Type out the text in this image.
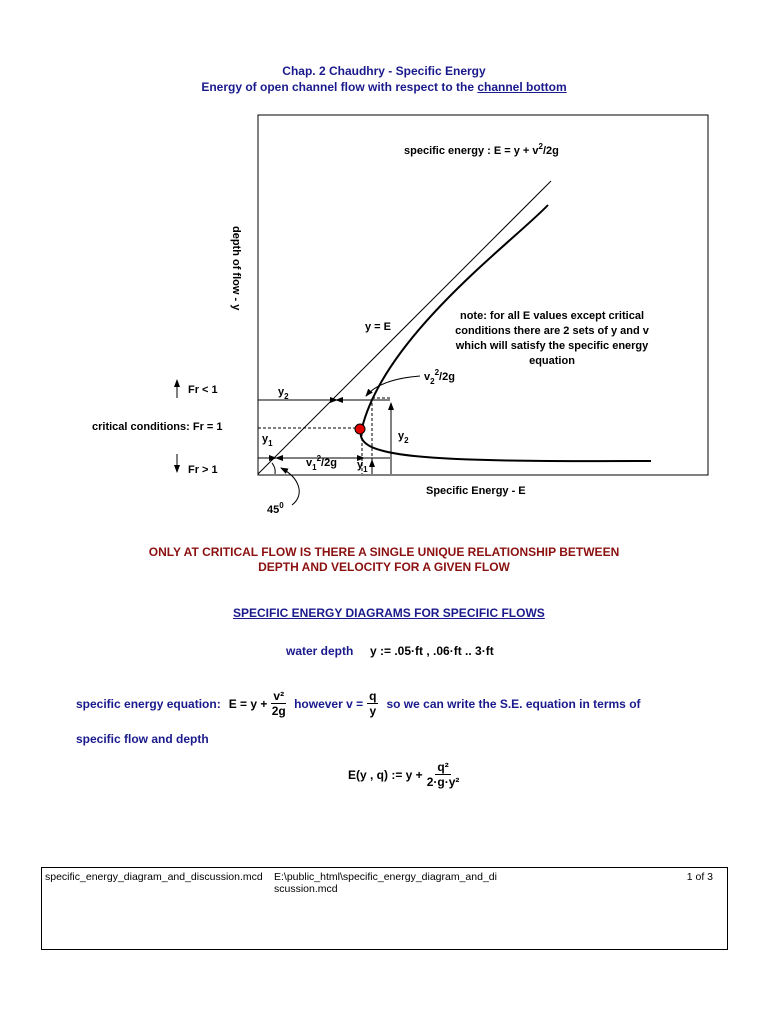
Chap. 2 Chaudhry - Specific Energy
Energy of open channel flow with respect to the channel bottom
specific energy : $E = y + v^2/2g$
depth of flow - y
Specific Energy - E
y = E
$y_2$
$y_1$
$y_2$
$y_1$
$v_2^2/2g$
$v_1^2/2g$
Fr < 1
critical conditions: Fr = 1
Fr > 1
$45^0$
note: for all E values except critical conditions there are 2 sets of y and v which will satisfy the specific energy equation
ONLY AT CRITICAL FLOW IS THERE A SINGLE UNIQUE RELATIONSHIP BETWEEN
DEPTH AND VELOCITY FOR A GIVEN FLOW
SPECIFIC ENERGY DIAGRAMS FOR SPECIFIC FLOWS
water depth y := .05·ft , .06·ft .. 3·ft
specific energy equation: $E = y + \frac{\text{v²}}{2g}$ however $v = \frac{q}{y}$ so we can write the S.E. equation in terms of
specific flow and depth
E(y , q) := $y + \frac{\text{q²}}{\text{2·g·y²}}$
specific_energy_diagram_and_discussion.mcd	E:\public_html\specific_energy_diagram_and_discussion.mcd
1 of 3
